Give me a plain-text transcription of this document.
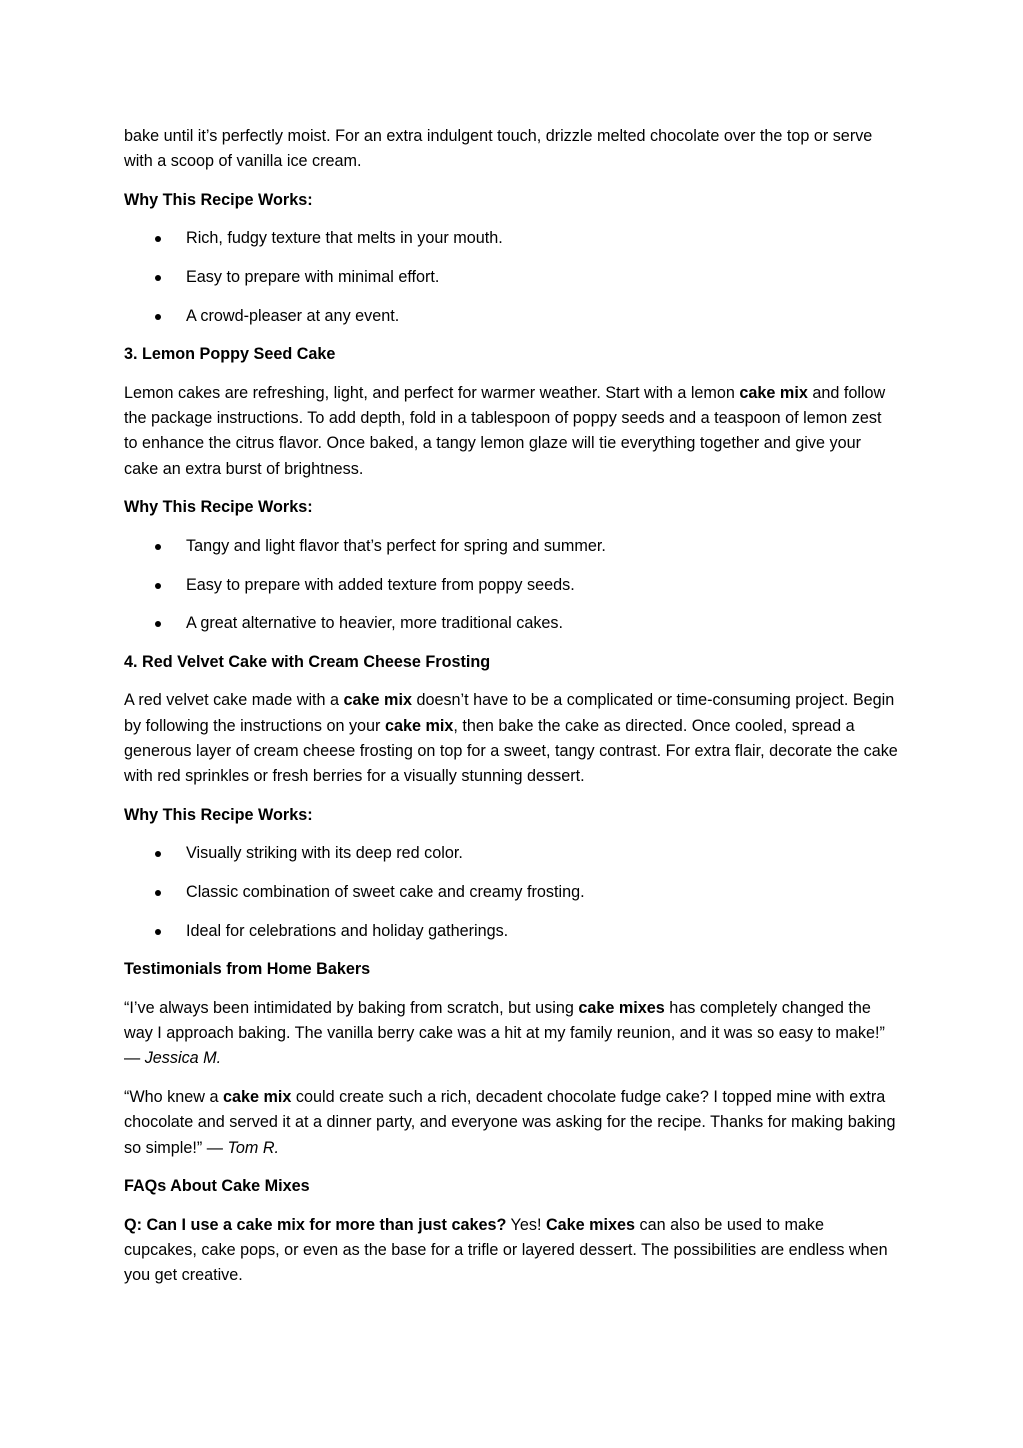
bake until it’s perfectly moist. For an extra indulgent touch, drizzle melted chocolate over the top or serve with a scoop of vanilla ice cream.

Why This Recipe Works:

Rich, fudgy texture that melts in your mouth.
Easy to prepare with minimal effort.
A crowd-pleaser at any event.

3. Lemon Poppy Seed Cake

Lemon cakes are refreshing, light, and perfect for warmer weather. Start with a lemon cake mix and follow the package instructions. To add depth, fold in a tablespoon of poppy seeds and a teaspoon of lemon zest to enhance the citrus flavor. Once baked, a tangy lemon glaze will tie everything together and give your cake an extra burst of brightness.

Why This Recipe Works:

Tangy and light flavor that’s perfect for spring and summer.
Easy to prepare with added texture from poppy seeds.
A great alternative to heavier, more traditional cakes.

4. Red Velvet Cake with Cream Cheese Frosting

A red velvet cake made with a cake mix doesn’t have to be a complicated or time-consuming project. Begin by following the instructions on your cake mix, then bake the cake as directed. Once cooled, spread a generous layer of cream cheese frosting on top for a sweet, tangy contrast. For extra flair, decorate the cake with red sprinkles or fresh berries for a visually stunning dessert.

Why This Recipe Works:

Visually striking with its deep red color.
Classic combination of sweet cake and creamy frosting.
Ideal for celebrations and holiday gatherings.

Testimonials from Home Bakers

“I’ve always been intimidated by baking from scratch, but using cake mixes has completely changed the way I approach baking. The vanilla berry cake was a hit at my family reunion, and it was so easy to make!” — Jessica M.

“Who knew a cake mix could create such a rich, decadent chocolate fudge cake? I topped mine with extra chocolate and served it at a dinner party, and everyone was asking for the recipe. Thanks for making baking so simple!” — Tom R.

FAQs About Cake Mixes

Q: Can I use a cake mix for more than just cakes? Yes! Cake mixes can also be used to make cupcakes, cake pops, or even as the base for a trifle or layered dessert. The possibilities are endless when you get creative.
